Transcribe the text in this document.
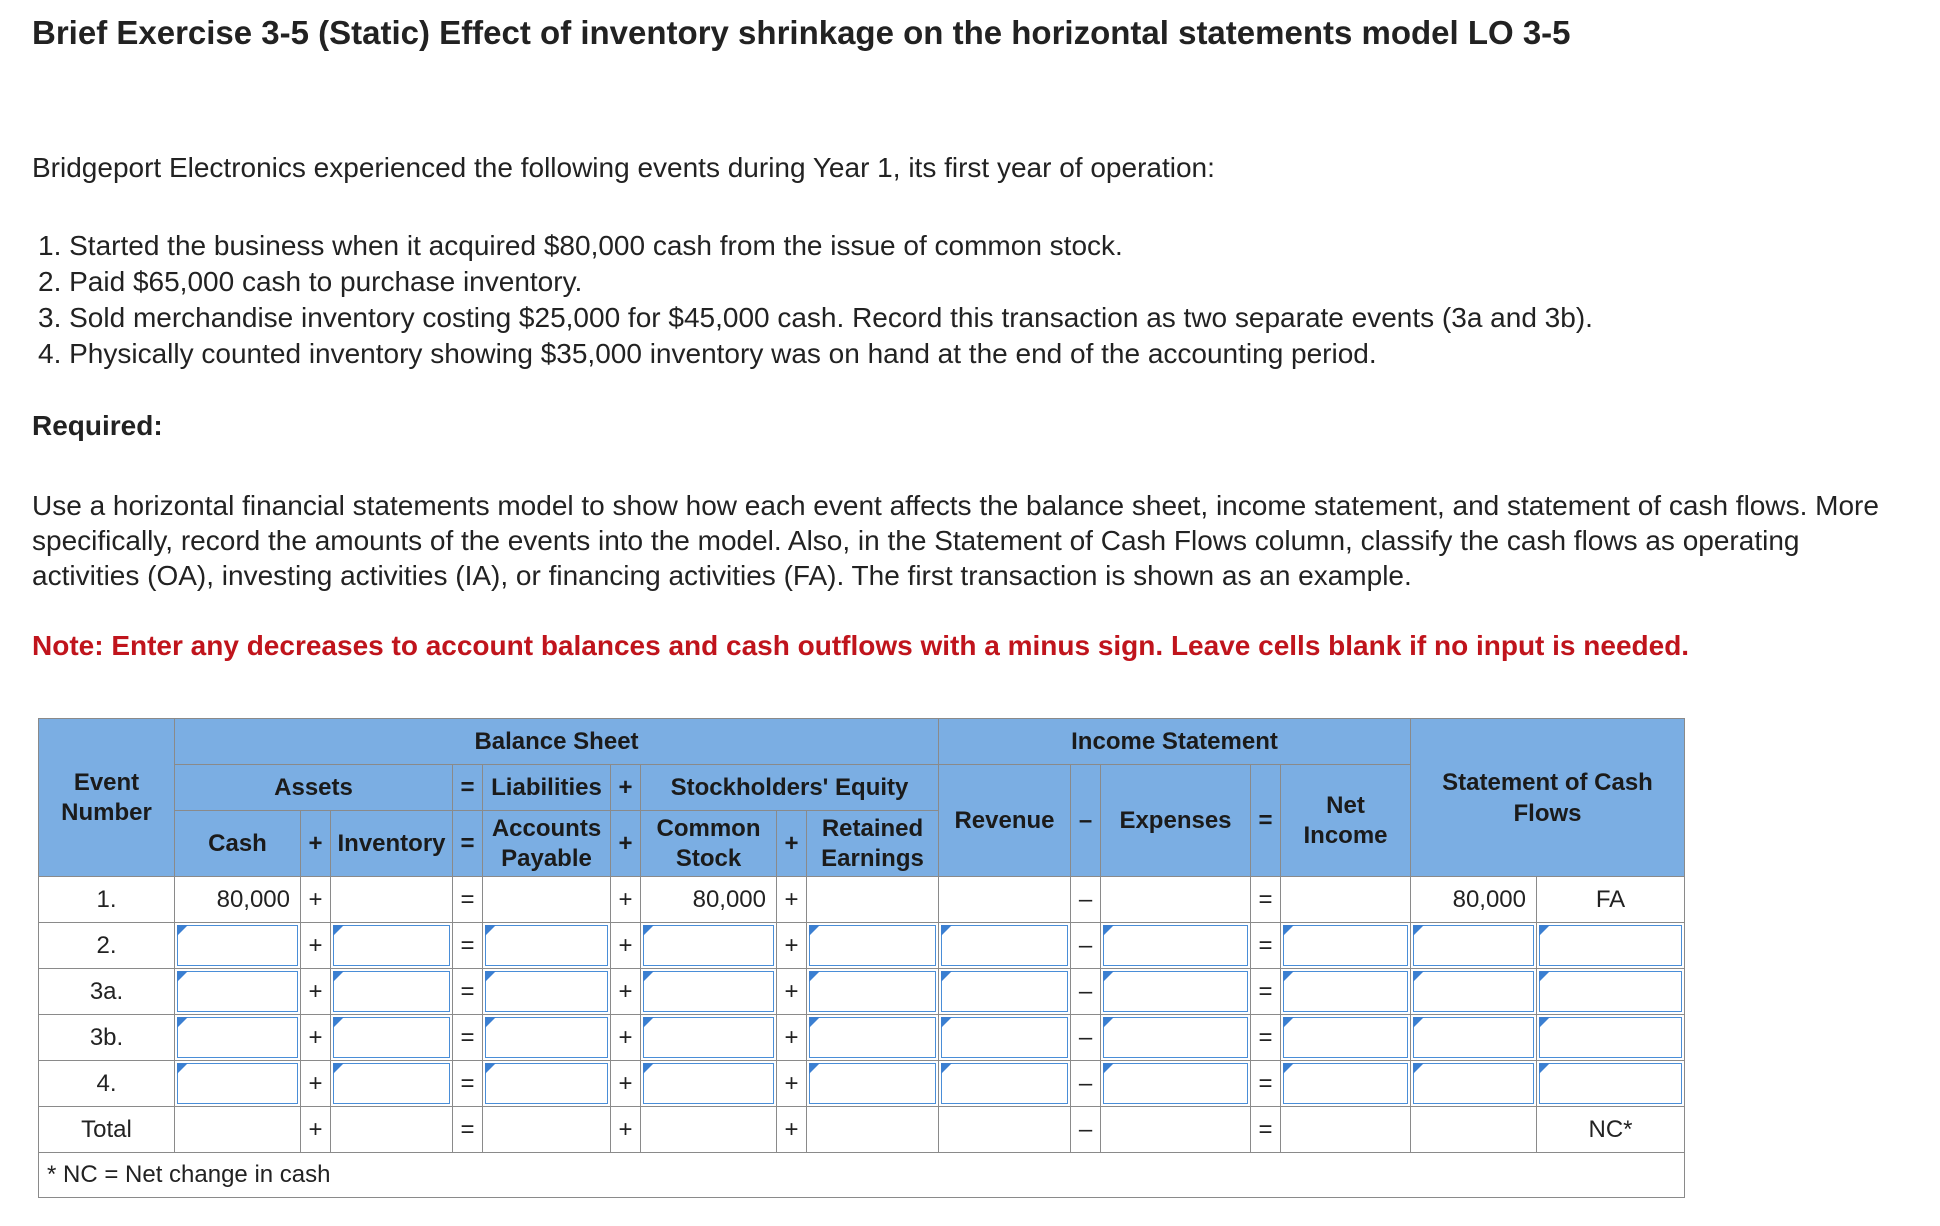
Brief Exercise 3-5 (Static) Effect of inventory shrinkage on the horizontal statements model LO 3-5

Bridgeport Electronics experienced the following events during Year 1, its first year of operation:

1. Started the business when it acquired $80,000 cash from the issue of common stock.
2. Paid $65,000 cash to purchase inventory.
3. Sold merchandise inventory costing $25,000 for $45,000 cash. Record this transaction as two separate events (3a and 3b).
4. Physically counted inventory showing $35,000 inventory was on hand at the end of the accounting period.

Required:

Use a horizontal financial statements model to show how each event affects the balance sheet, income statement, and statement of cash flows. More specifically, record the amounts of the events into the model. Also, in the Statement of Cash Flows column, classify the cash flows as operating activities (OA), investing activities (IA), or financing activities (FA). The first transaction is shown as an example.

Note: Enter any decreases to account balances and cash outflows with a minus sign. Leave cells blank if no input is needed.

Event Number	Balance Sheet									Income Statement					Statement of Cash Flows	
	Assets			=	Liabilities	+	Stockholders' Equity			Revenue	–	Expenses	=	Net Income		
	Cash	+	Inventory	=	Accounts Payable	+	Common Stock	+	Retained Earnings							
1.	80,000	+		=		+	80,000	+			–		=		80,000	FA
2.		+		=		+		+			–		=			
3a.		+		=		+		+			–		=			
3b.		+		=		+		+			–		=			
4.		+		=		+		+			–		=			
Total		+		=		+		+			–		=			NC*
* NC = Net change in cash																
